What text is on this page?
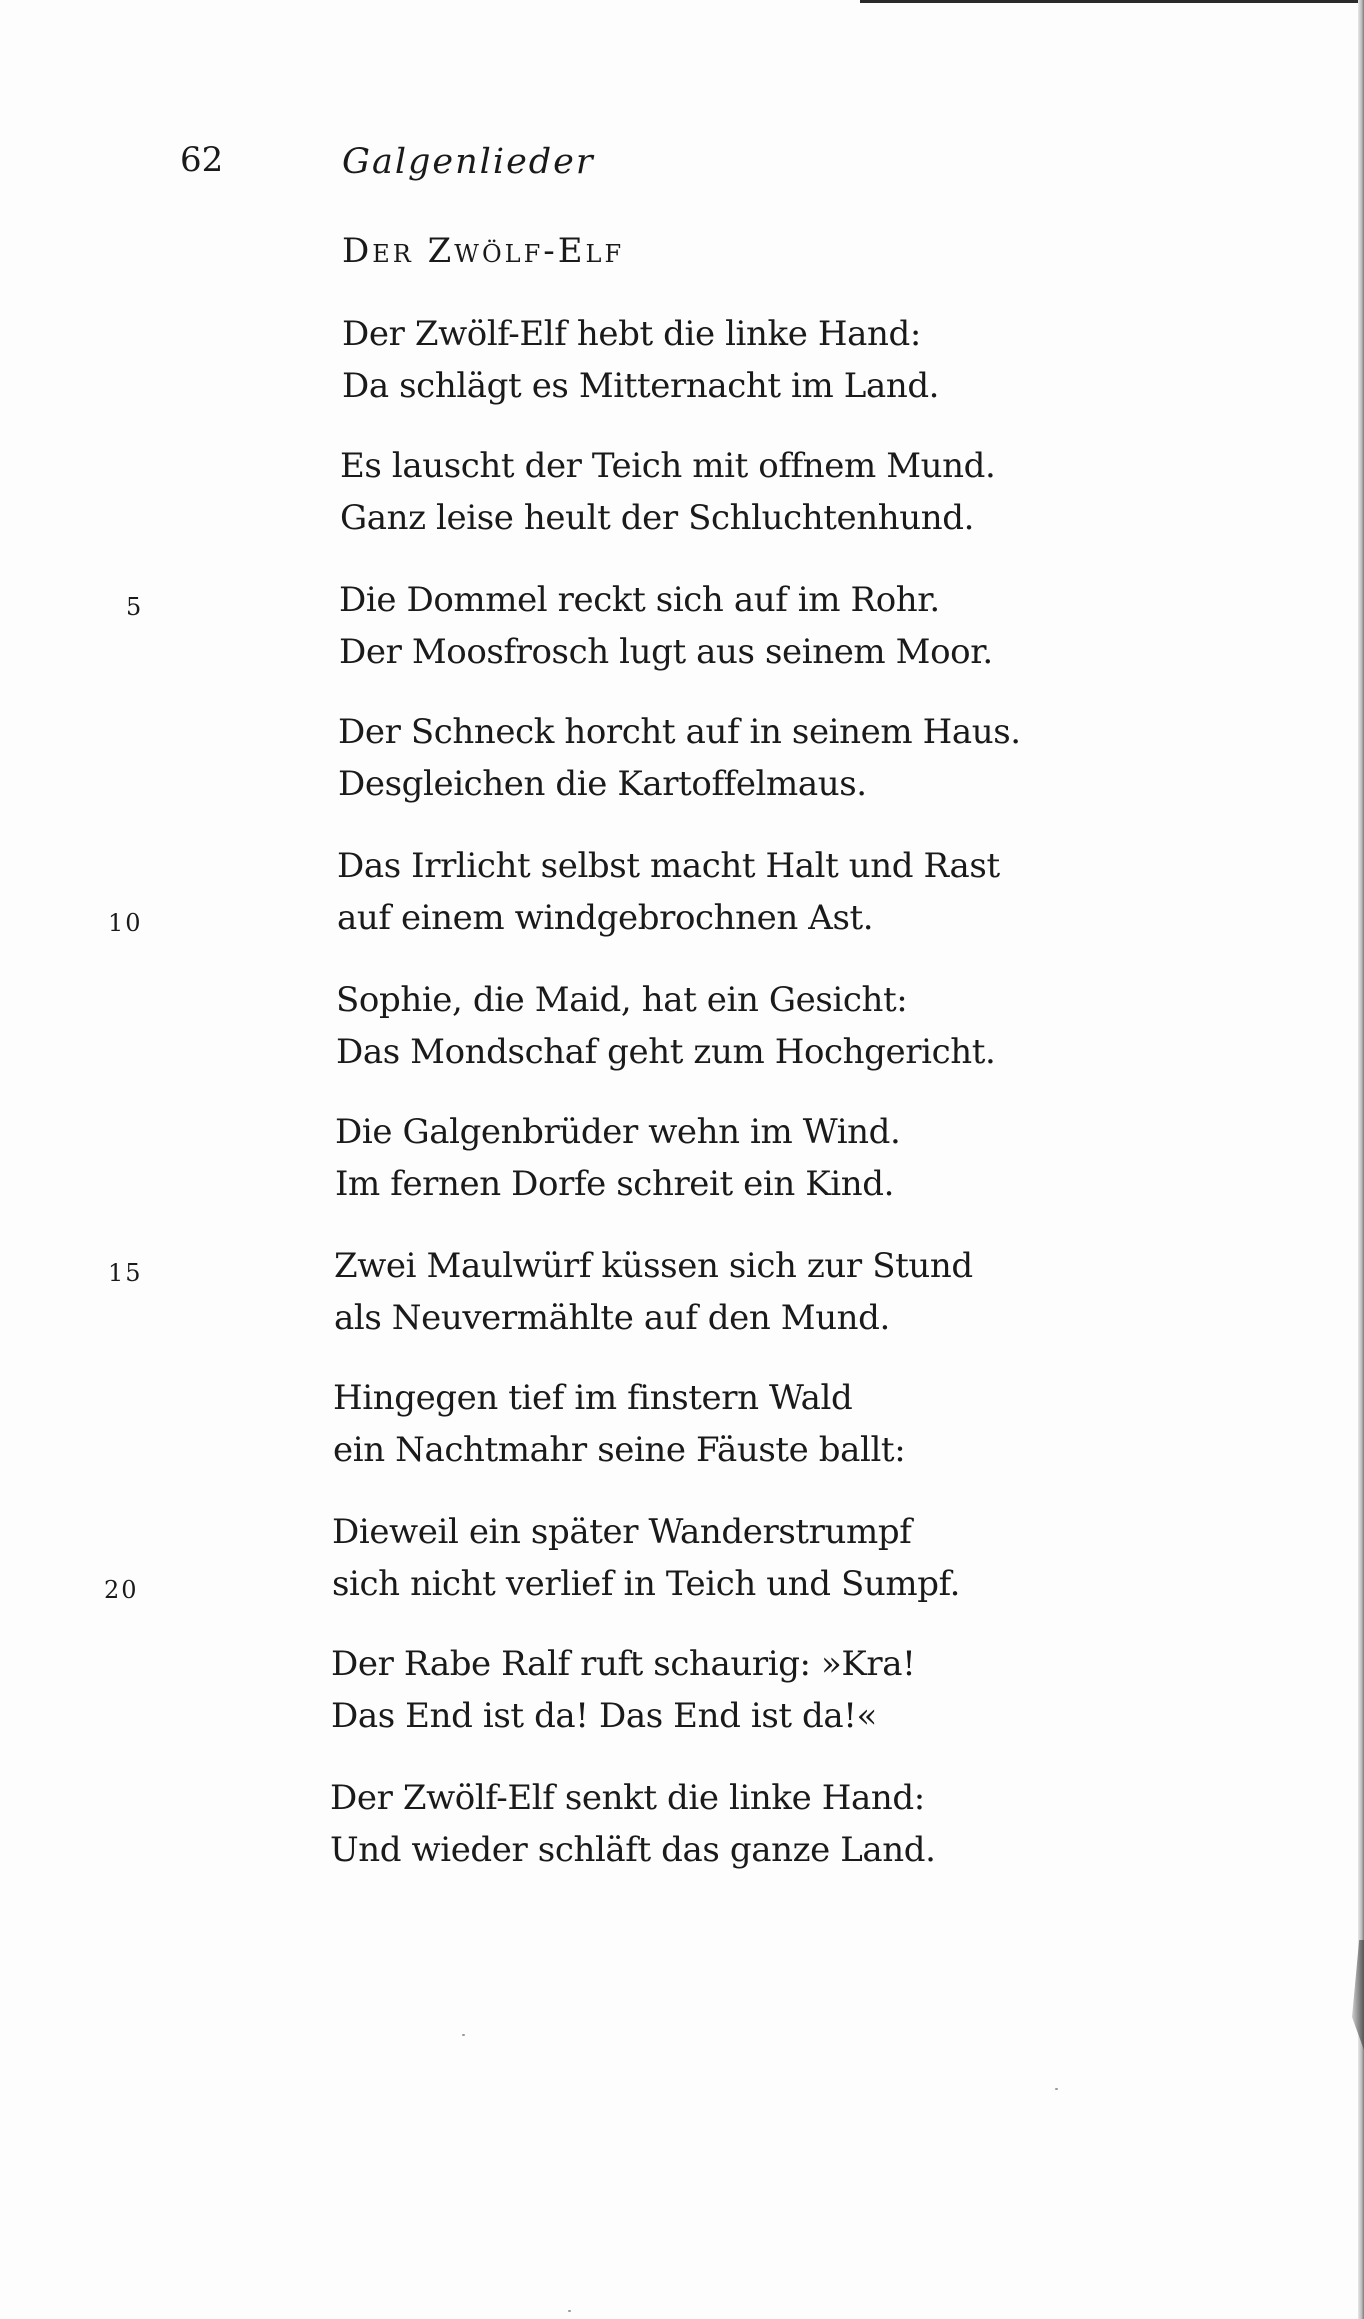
62	Galgenlieder
Der Zwölf-Elf
Der Zwölf-Elf hebt die linke Hand:
Da schlägt es Mitternacht im Land.
Es lauscht der Teich mit offnem Mund.
Ganz leise heult der Schluchtenhund.
Die Dommel reckt sich auf im Rohr.
Der Moosfrosch lugt aus seinem Moor.
Der Schneck horcht auf in seinem Haus.
Desgleichen die Kartoffelmaus.
Das Irrlicht selbst macht Halt und Rast
auf einem windgebrochnen Ast.
Sophie, die Maid, hat ein Gesicht:
Das Mondschaf geht zum Hochgericht.
Die Galgenbrüder wehn im Wind.
Im fernen Dorfe schreit ein Kind.
Zwei Maulwürf küssen sich zur Stund
als Neuvermählte auf den Mund.
Hingegen tief im finstern Wald
ein Nachtmahr seine Fäuste ballt:
Dieweil ein später Wanderstrumpf
sich nicht verlief in Teich und Sumpf.
Der Rabe Ralf ruft schaurig: »Kra!
Das End ist da! Das End ist da!«
Der Zwölf-Elf senkt die linke Hand:
Und wieder schläft das ganze Land.
5
10
15
20
